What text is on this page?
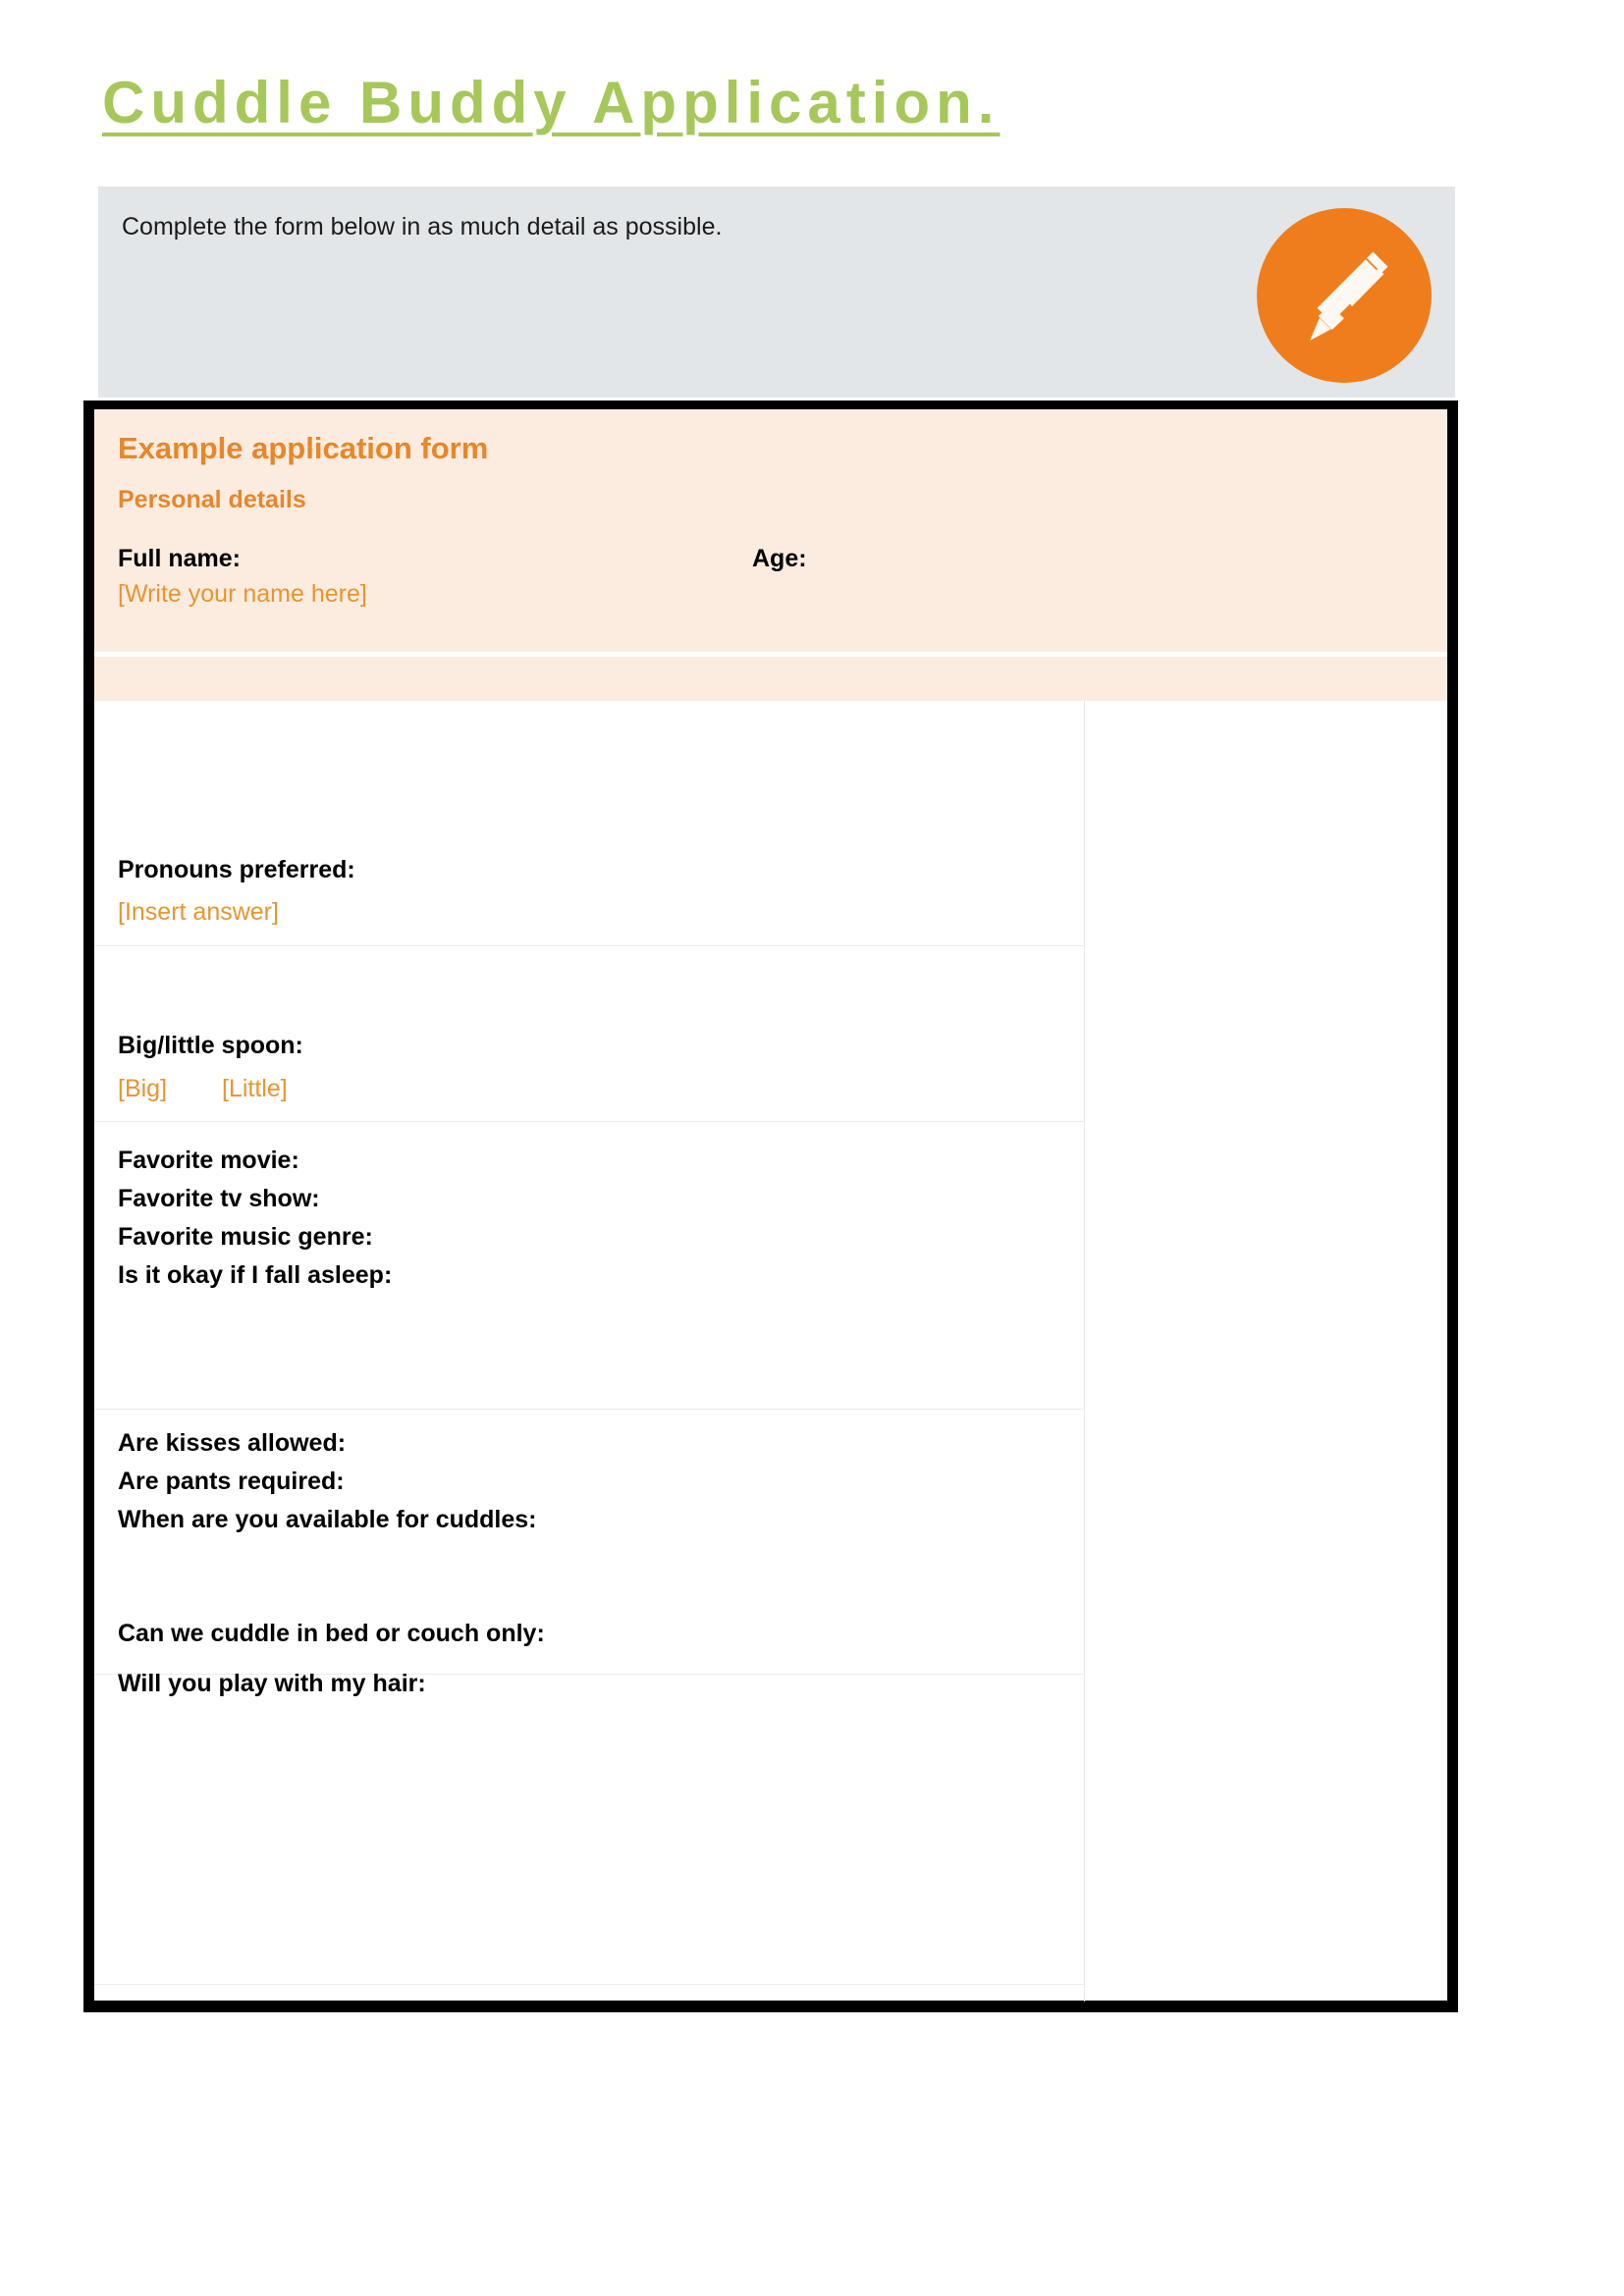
Cuddle Buddy Application.
Complete the form below in as much detail as possible.
Example application form
Personal details
Full name:	Age:
[Write your name here]
Pronouns preferred:
[Insert answer]
Big/little spoon:
[Big] [Little]
Favorite movie:
Favorite tv show:
Favorite music genre:
Is it okay if I fall asleep:
Are kisses allowed:
Are pants required:
When are you available for cuddles:
Can we cuddle in bed or couch only:
Will you play with my hair:
